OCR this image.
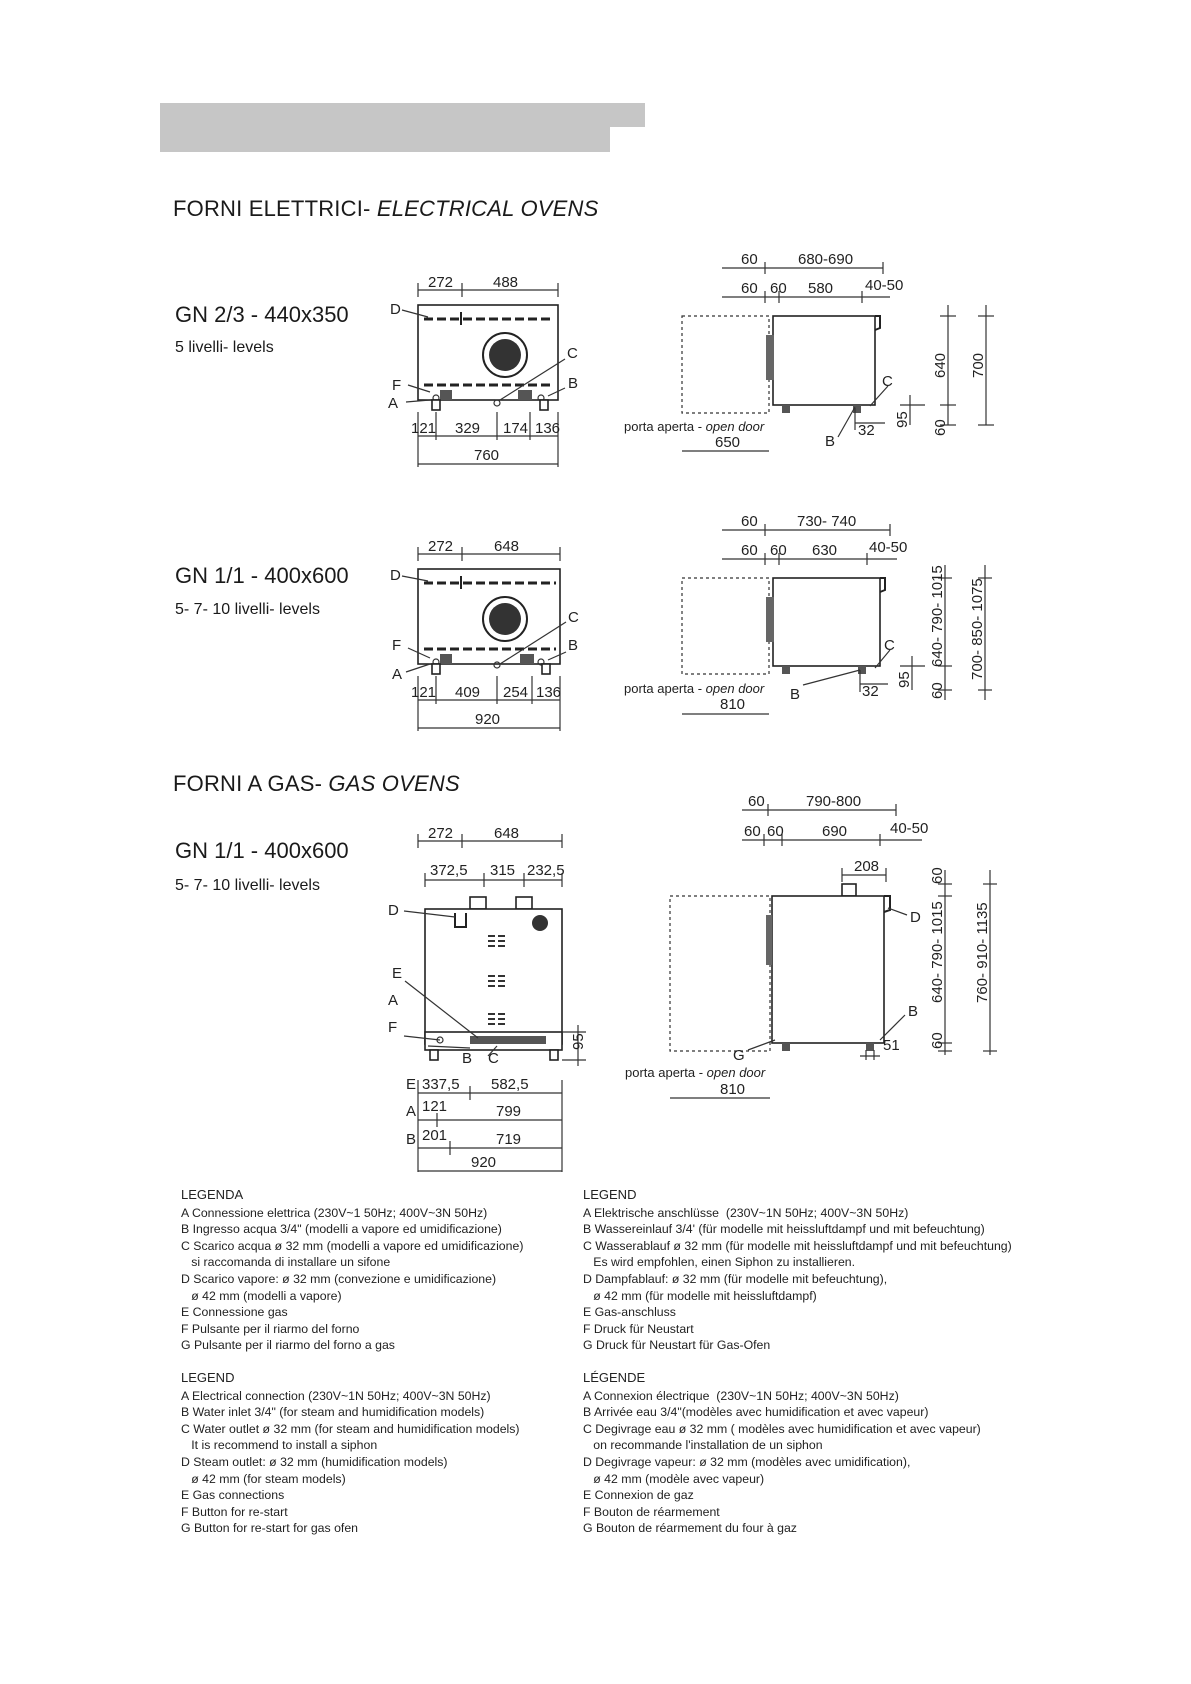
FORNI ELETTRICI- ELECTRICAL OVENS
FORNI A GAS- GAS OVENS
GN 2/3 - 440x350
5 livelli- levels
GN 1/1 - 400x600
5- 7- 10 livelli- levels
GN 1/1 - 400x600
5- 7- 10 livelli- levels
272	488
D
F
A
C
B
121 329 174 136
760
60	680-690
60 60 580 40-50
C
B
32
640 700
95 60
porta aperta - open door
650
272	648
D
F
A
C
B
121 409 254 136
920
60	730- 740
60 60 630 40-50
C
B	32
640- 790- 1015 700- 850- 1075
95
60
porta aperta - open door
810
272	648
372,5 315 232,5
D
E
A
F
B C
95
E 337,5 582,5
A 121	799
B 201	719
920
60	790-800
60 60	690	40-50
208
D
B
G
51
60
640- 790- 1015 760- 910- 1135
60
porta aperta - open door
810
LEGENDA
A Connessione elettrica (230V~1 50Hz; 400V~3N 50Hz)
B Ingresso acqua 3/4" (modelli a vapore ed umidificazione)
C Scarico acqua ø 32 mm (modelli a vapore ed umidificazione)
si raccomanda di installare un sifone
D Scarico vapore: ø 32 mm (convezione e umidificazione)
ø 42 mm (modelli a vapore)
E Connessione gas
F Pulsante per il riarmo del forno
G Pulsante per il riarmo del forno a gas
LEGEND
A Elektrische anschlüsse  (230V~1N 50Hz; 400V~3N 50Hz)
B Wassereinlauf 3/4' (für modelle mit heissluftdampf und mit befeuchtung)
C Wasserablauf ø 32 mm (für modelle mit heissluftdampf und mit befeuchtung)
Es wird empfohlen, einen Siphon zu installieren.
D Dampfablauf: ø 32 mm (für modelle mit befeuchtung),
ø 42 mm (für modelle mit heissluftdampf)
E Gas-anschluss
F Druck für Neustart
G Druck für Neustart für Gas-Ofen
LEGEND
A Electrical connection (230V~1N 50Hz; 400V~3N 50Hz)
B Water inlet 3/4" (for steam and humidification models)
C Water outlet ø 32 mm (for steam and humidification models)
It is recommend to install a siphon
D Steam outlet: ø 32 mm (humidification models)
ø 42 mm (for steam models)
E Gas connections
F Button for re-start
G Button for re-start for gas ofen
LÉGENDE
A Connexion électrique  (230V~1N 50Hz; 400V~3N 50Hz)
B Arrivée eau 3/4"(modèles avec humidification et avec vapeur)
C Degivrage eau ø 32 mm ( modèles avec humidification et avec vapeur)
on recommande l'installation de un siphon
D Degivrage vapeur: ø 32 mm (modèles avec umidification),
ø 42 mm (modèle avec vapeur)
E Connexion de gaz
F Bouton de réarmement
G Bouton de réarmement du four à gaz
